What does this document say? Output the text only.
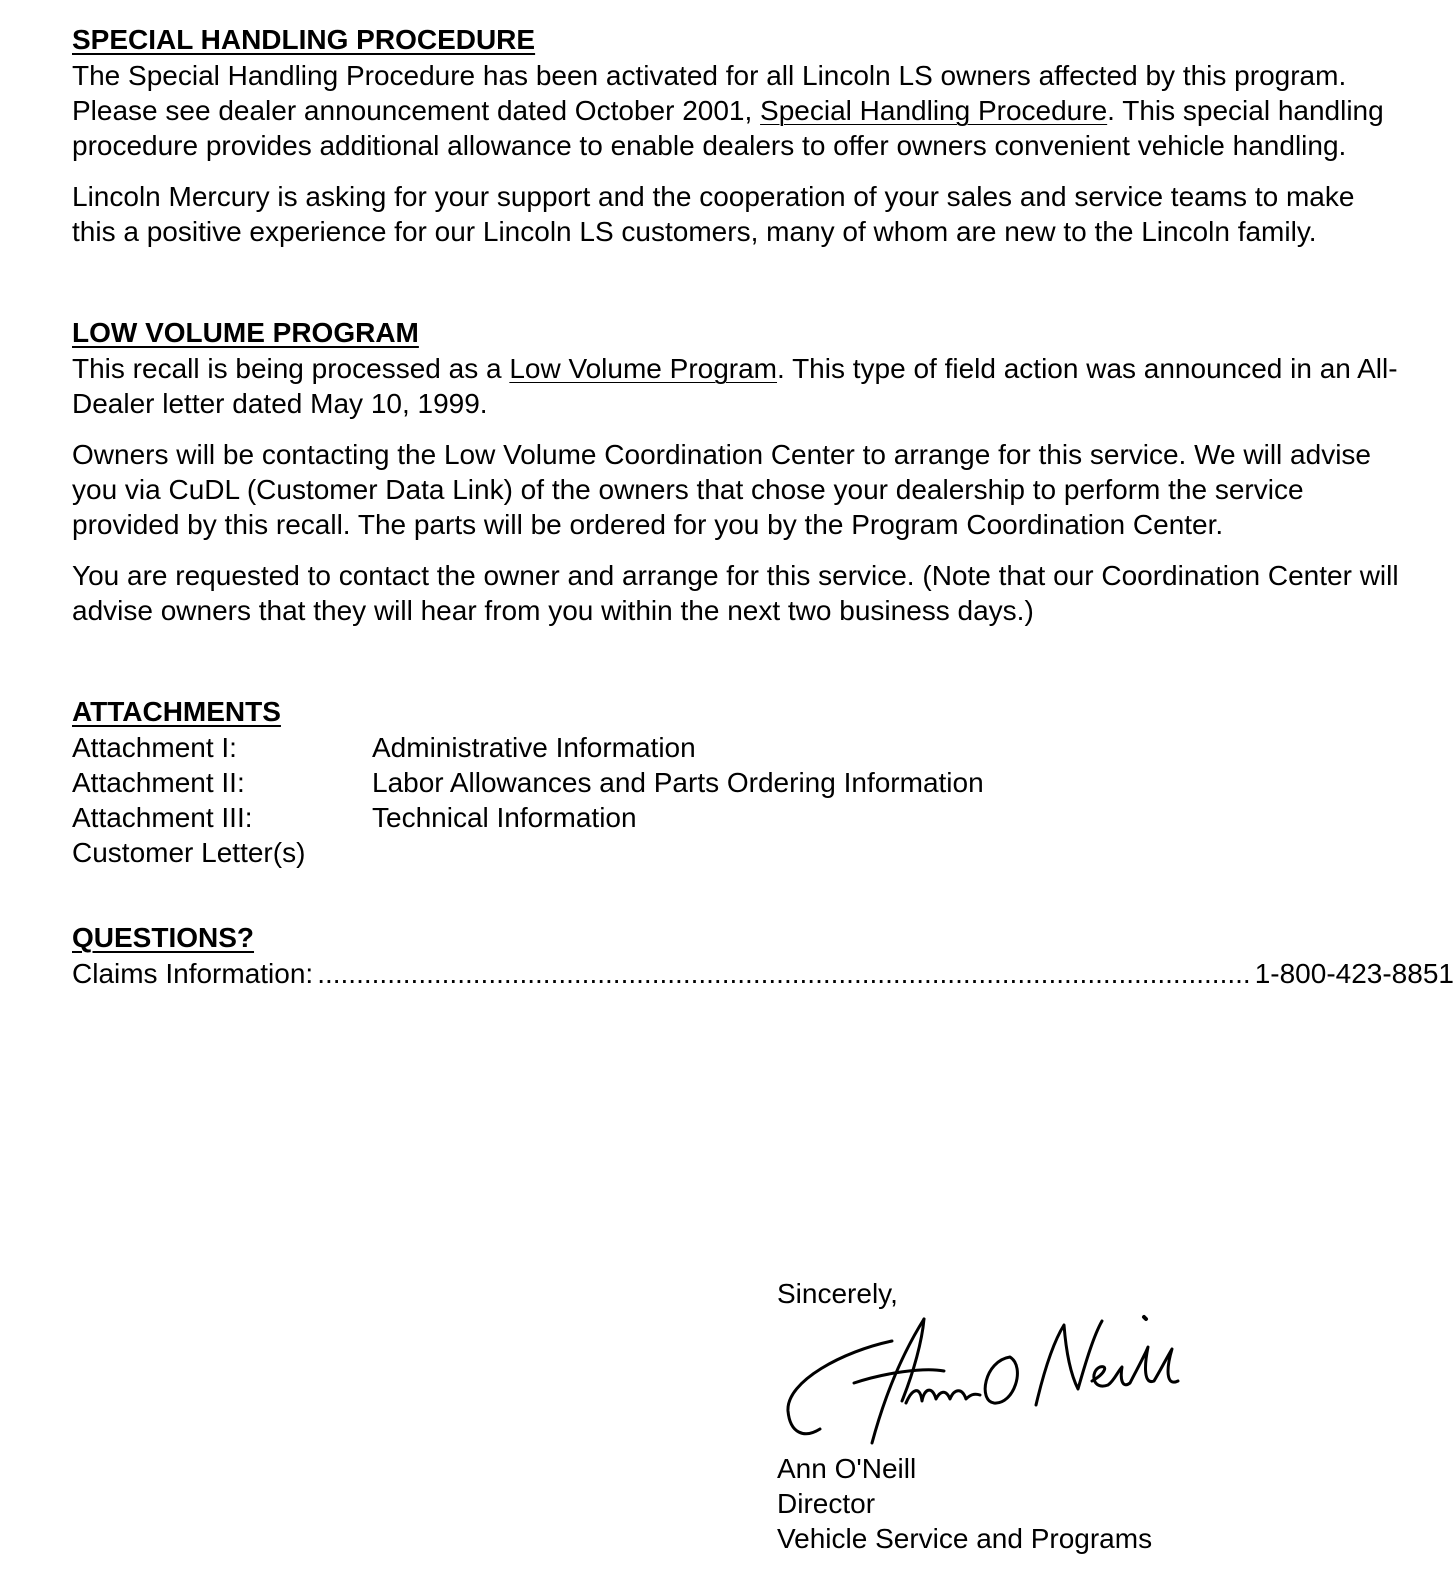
SPECIAL HANDLING PROCEDURE

The Special Handling Procedure has been activated for all Lincoln LS owners affected by this program. Please see dealer announcement dated October 2001, Special Handling Procedure. This special handling procedure provides additional allowance to enable dealers to offer owners convenient vehicle handling.

Lincoln Mercury is asking for your support and the cooperation of your sales and service teams to make this a positive experience for our Lincoln LS customers, many of whom are new to the Lincoln family.

LOW VOLUME PROGRAM

This recall is being processed as a Low Volume Program. This type of field action was announced in an All-Dealer letter dated May 10, 1999.

Owners will be contacting the Low Volume Coordination Center to arrange for this service. We will advise you via CuDL (Customer Data Link) of the owners that chose your dealership to perform the service provided by this recall. The parts will be ordered for you by the Program Coordination Center.

You are requested to contact the owner and arrange for this service. (Note that our Coordination Center will advise owners that they will hear from you within the next two business days.)

ATTACHMENTS

Attachment I:	Administrative Information
Attachment II:	Labor Allowances and Parts Ordering Information
Attachment III:	Technical Information
Customer Letter(s)

QUESTIONS?

Claims Information: ........................................................................................................................ 1-800-423-8851
Sincerely,
Ann O'Neill
Director
Vehicle Service and Programs
